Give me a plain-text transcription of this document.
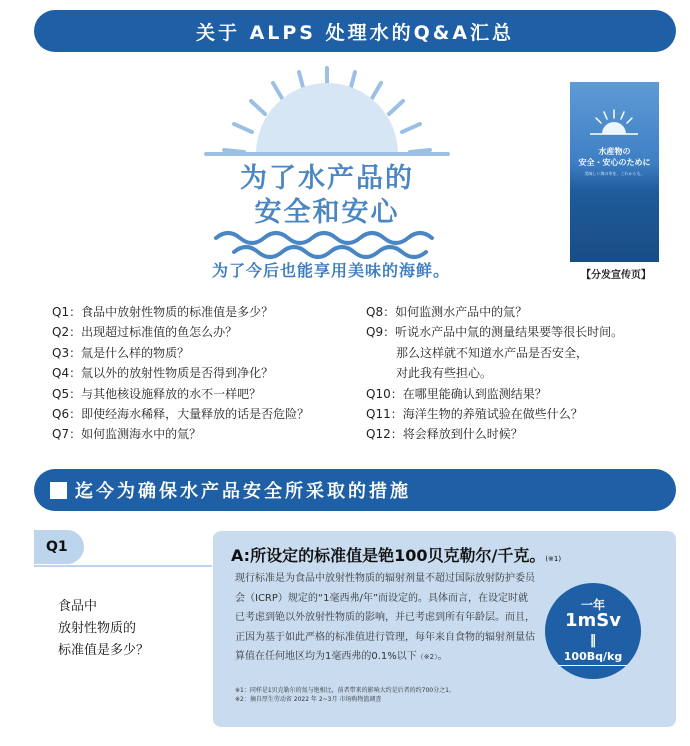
关于 ALPS 处理水的Q&A汇总
为了水产品的
安全和安心
为了今后也能享用美味的海鲜。
水産物の
安全・安心のために
美味しい海の幸を、これからも。
【分发宣传页】
Q1：食品中放射性物质的标准值是多少？
Q2：出现超过标准值的鱼怎么办？
Q3：氚是什么样的物质？
Q4：氚以外的放射性物质是否得到净化？
Q5：与其他核设施释放的水不一样吧？
Q6：即使经海水稀释，大量释放的话是否危险？
Q7：如何监测海水中的氚？
Q8：如何监测水产品中的氚？
Q9：听说水产品中氚的测量结果要等很长时间。
那么这样就不知道水产品是否安全，
对此我有些担心。
Q10：在哪里能确认到监测结果？
Q11：海洋生物的养殖试验在做些什么？
Q12：将会释放到什么时候？
迄今为确保水产品安全所采取的措施
Q1
食品中
放射性物质的
标准值是多少？
A:所设定的标准值是铯100贝克勒尔/千克。(※1)
现行标准是为食品中放射性物质的辐射剂量不超过国际放射防护委员会（ICRP）规定的“1毫西弗/年”而设定的。具体而言，在设定时就已考虑到铯以外放射性物质的影响，并已考虑到所有年龄层。而且，正因为基于如此严格的标准值进行管理，每年来自食物的辐射剂量估算值在任何地区均为1毫西弗的0.1%以下（※2）。
※1：同样是1贝克勒尔的氚与铯相比，前者带来的影响大约是后者的约700分之1。
※2：摘自厚生劳动省 2022 年 2~3月 市场购物篮调查
一年
1mSv
‖
100Bq/kg
